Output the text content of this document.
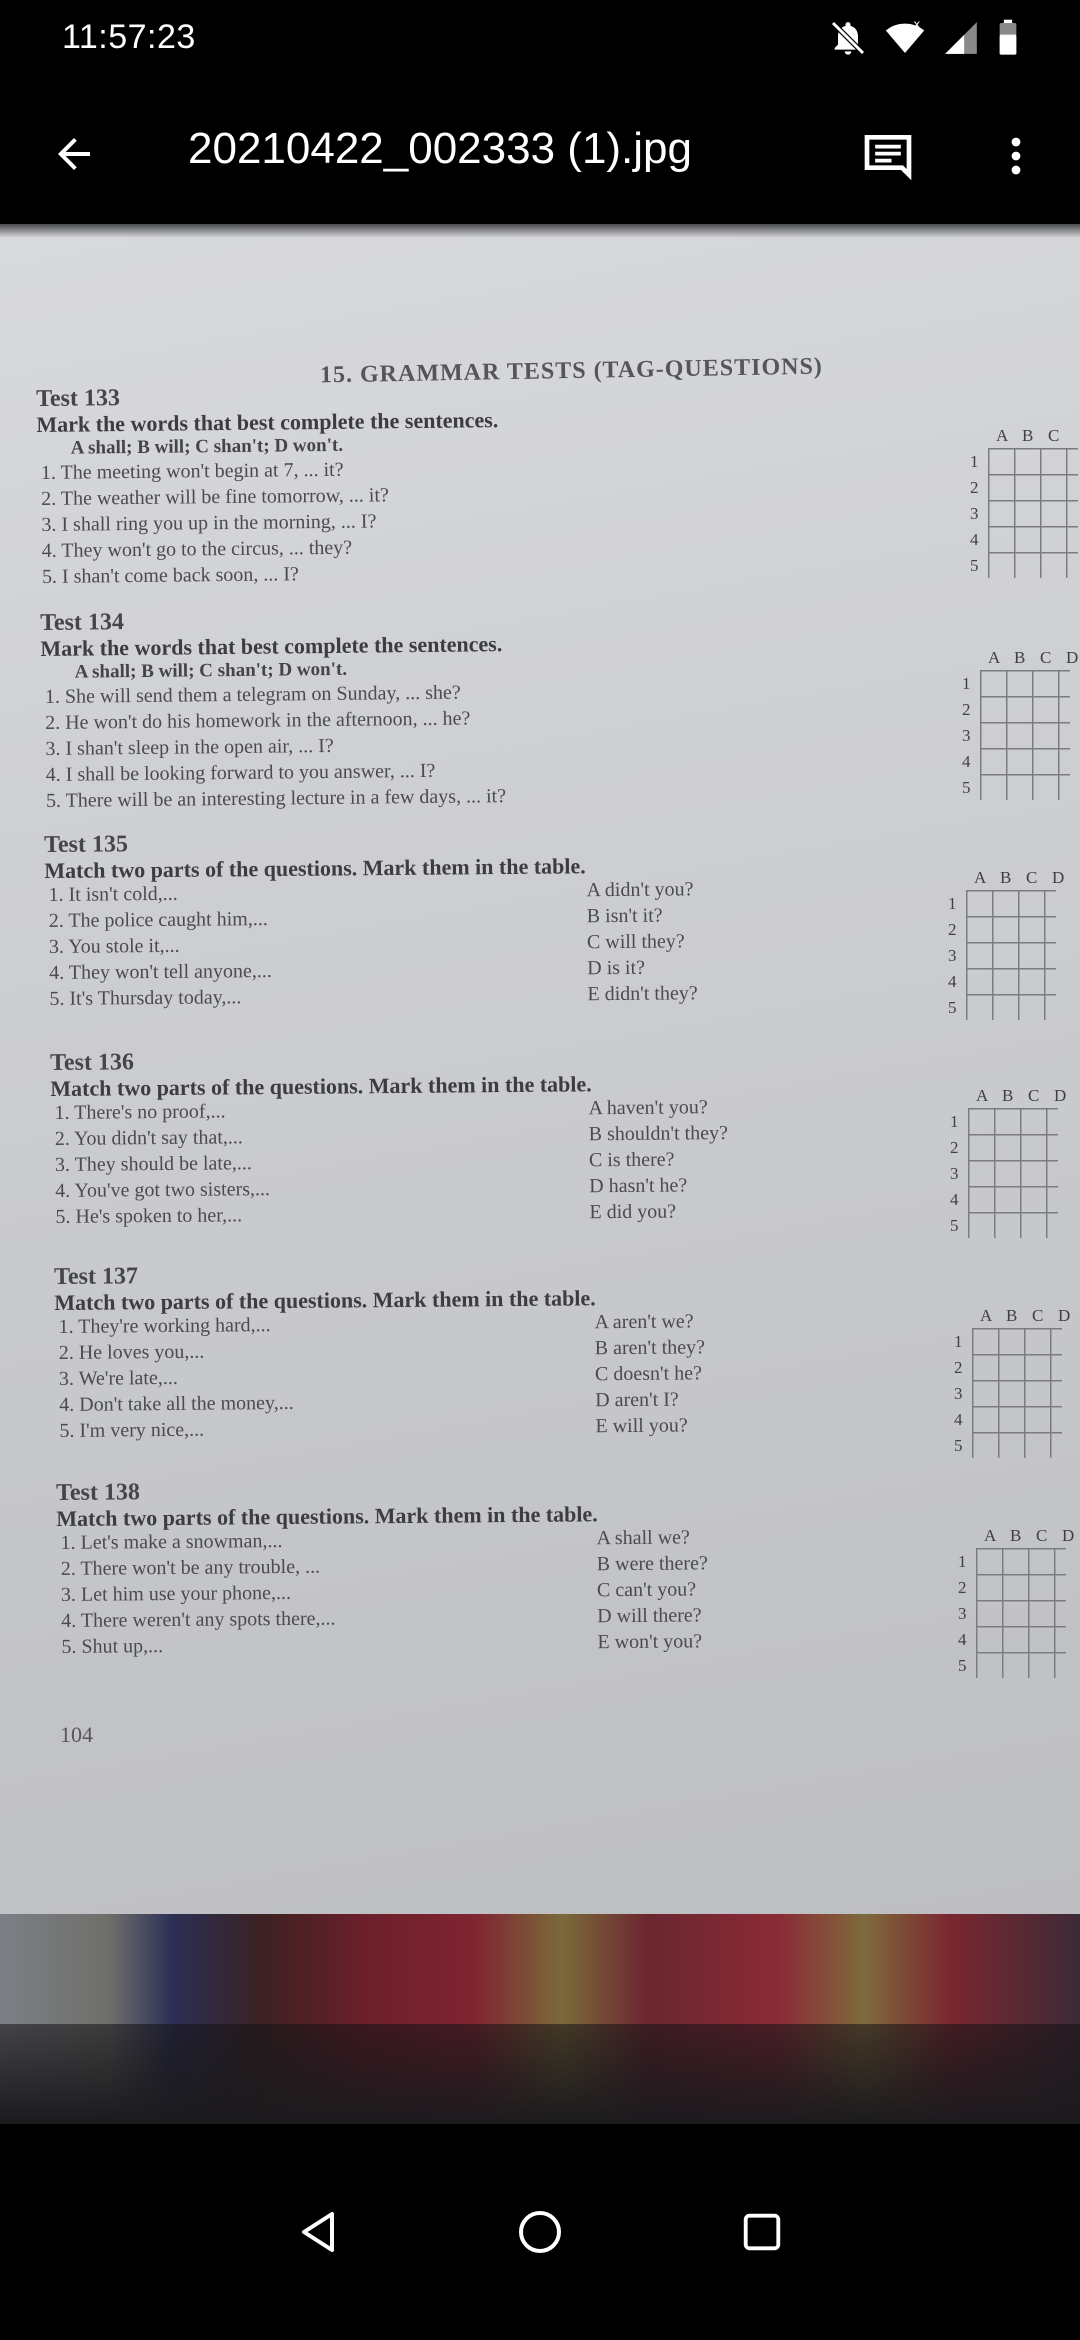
11:57:23	x
20210422_002333 (1).jpg
15. GRAMMAR TESTS (TAG-QUESTIONS)
Test 133
Mark the words that best complete the sentences.
A shall; B will; C shan't; D won't.
1. The meeting won't begin at 7, ... it?
2. The weather will be fine tomorrow, ... it?
3. I shall ring you up in the morning, ... I?
4. They won't go to the circus, ... they?
5. I shan't come back soon, ... I?
Test 134
Mark the words that best complete the sentences.
A shall; B will; C shan't; D won't.
1. She will send them a telegram on Sunday, ... she?
2. He won't do his homework in the afternoon, ... he?
3. I shan't sleep in the open air, ... I?
4. I shall be looking forward to you answer, ... I?
5. There will be an interesting lecture in a few days, ... it?
Test 135
Match two parts of the questions. Mark them in the table.
1. It isn't cold,...
2. The police caught him,...
3. You stole it,...
4. They won't tell anyone,...
5. It's Thursday today,...
A didn't you?
B isn't it?
C will they?
D is it?
E didn't they?
Test 136
Match two parts of the questions. Mark them in the table.
1. There's no proof,...
2. You didn't say that,...
3. They should be late,...
4. You've got two sisters,...
5. He's spoken to her,...
A haven't you?
B shouldn't they?
C is there?
D hasn't he?
E did you?
Test 137
Match two parts of the questions. Mark them in the table.
1. They're working hard,...
2. He loves you,...
3. We're late,...
4. Don't take all the money,...
5. I'm very nice,...
A aren't we?
B aren't they?
C doesn't he?
D aren't I?
E will you?
Test 138
Match two parts of the questions. Mark them in the table.
1. Let's make a snowman,...
2. There won't be any trouble, ...
3. Let him use your phone,...
4. There weren't any spots there,...
5. Shut up,...
A shall we?
B were there?
C can't you?
D will there?
E won't you?
104
A B C
1
2
3
4
5
A B C D
1
2
3
4
5
A B C D
1
2
3
4
5
A B C D
1
2
3
4
5
A B C D
1
2
3
4
5
A B C D
1
2
3
4
5
